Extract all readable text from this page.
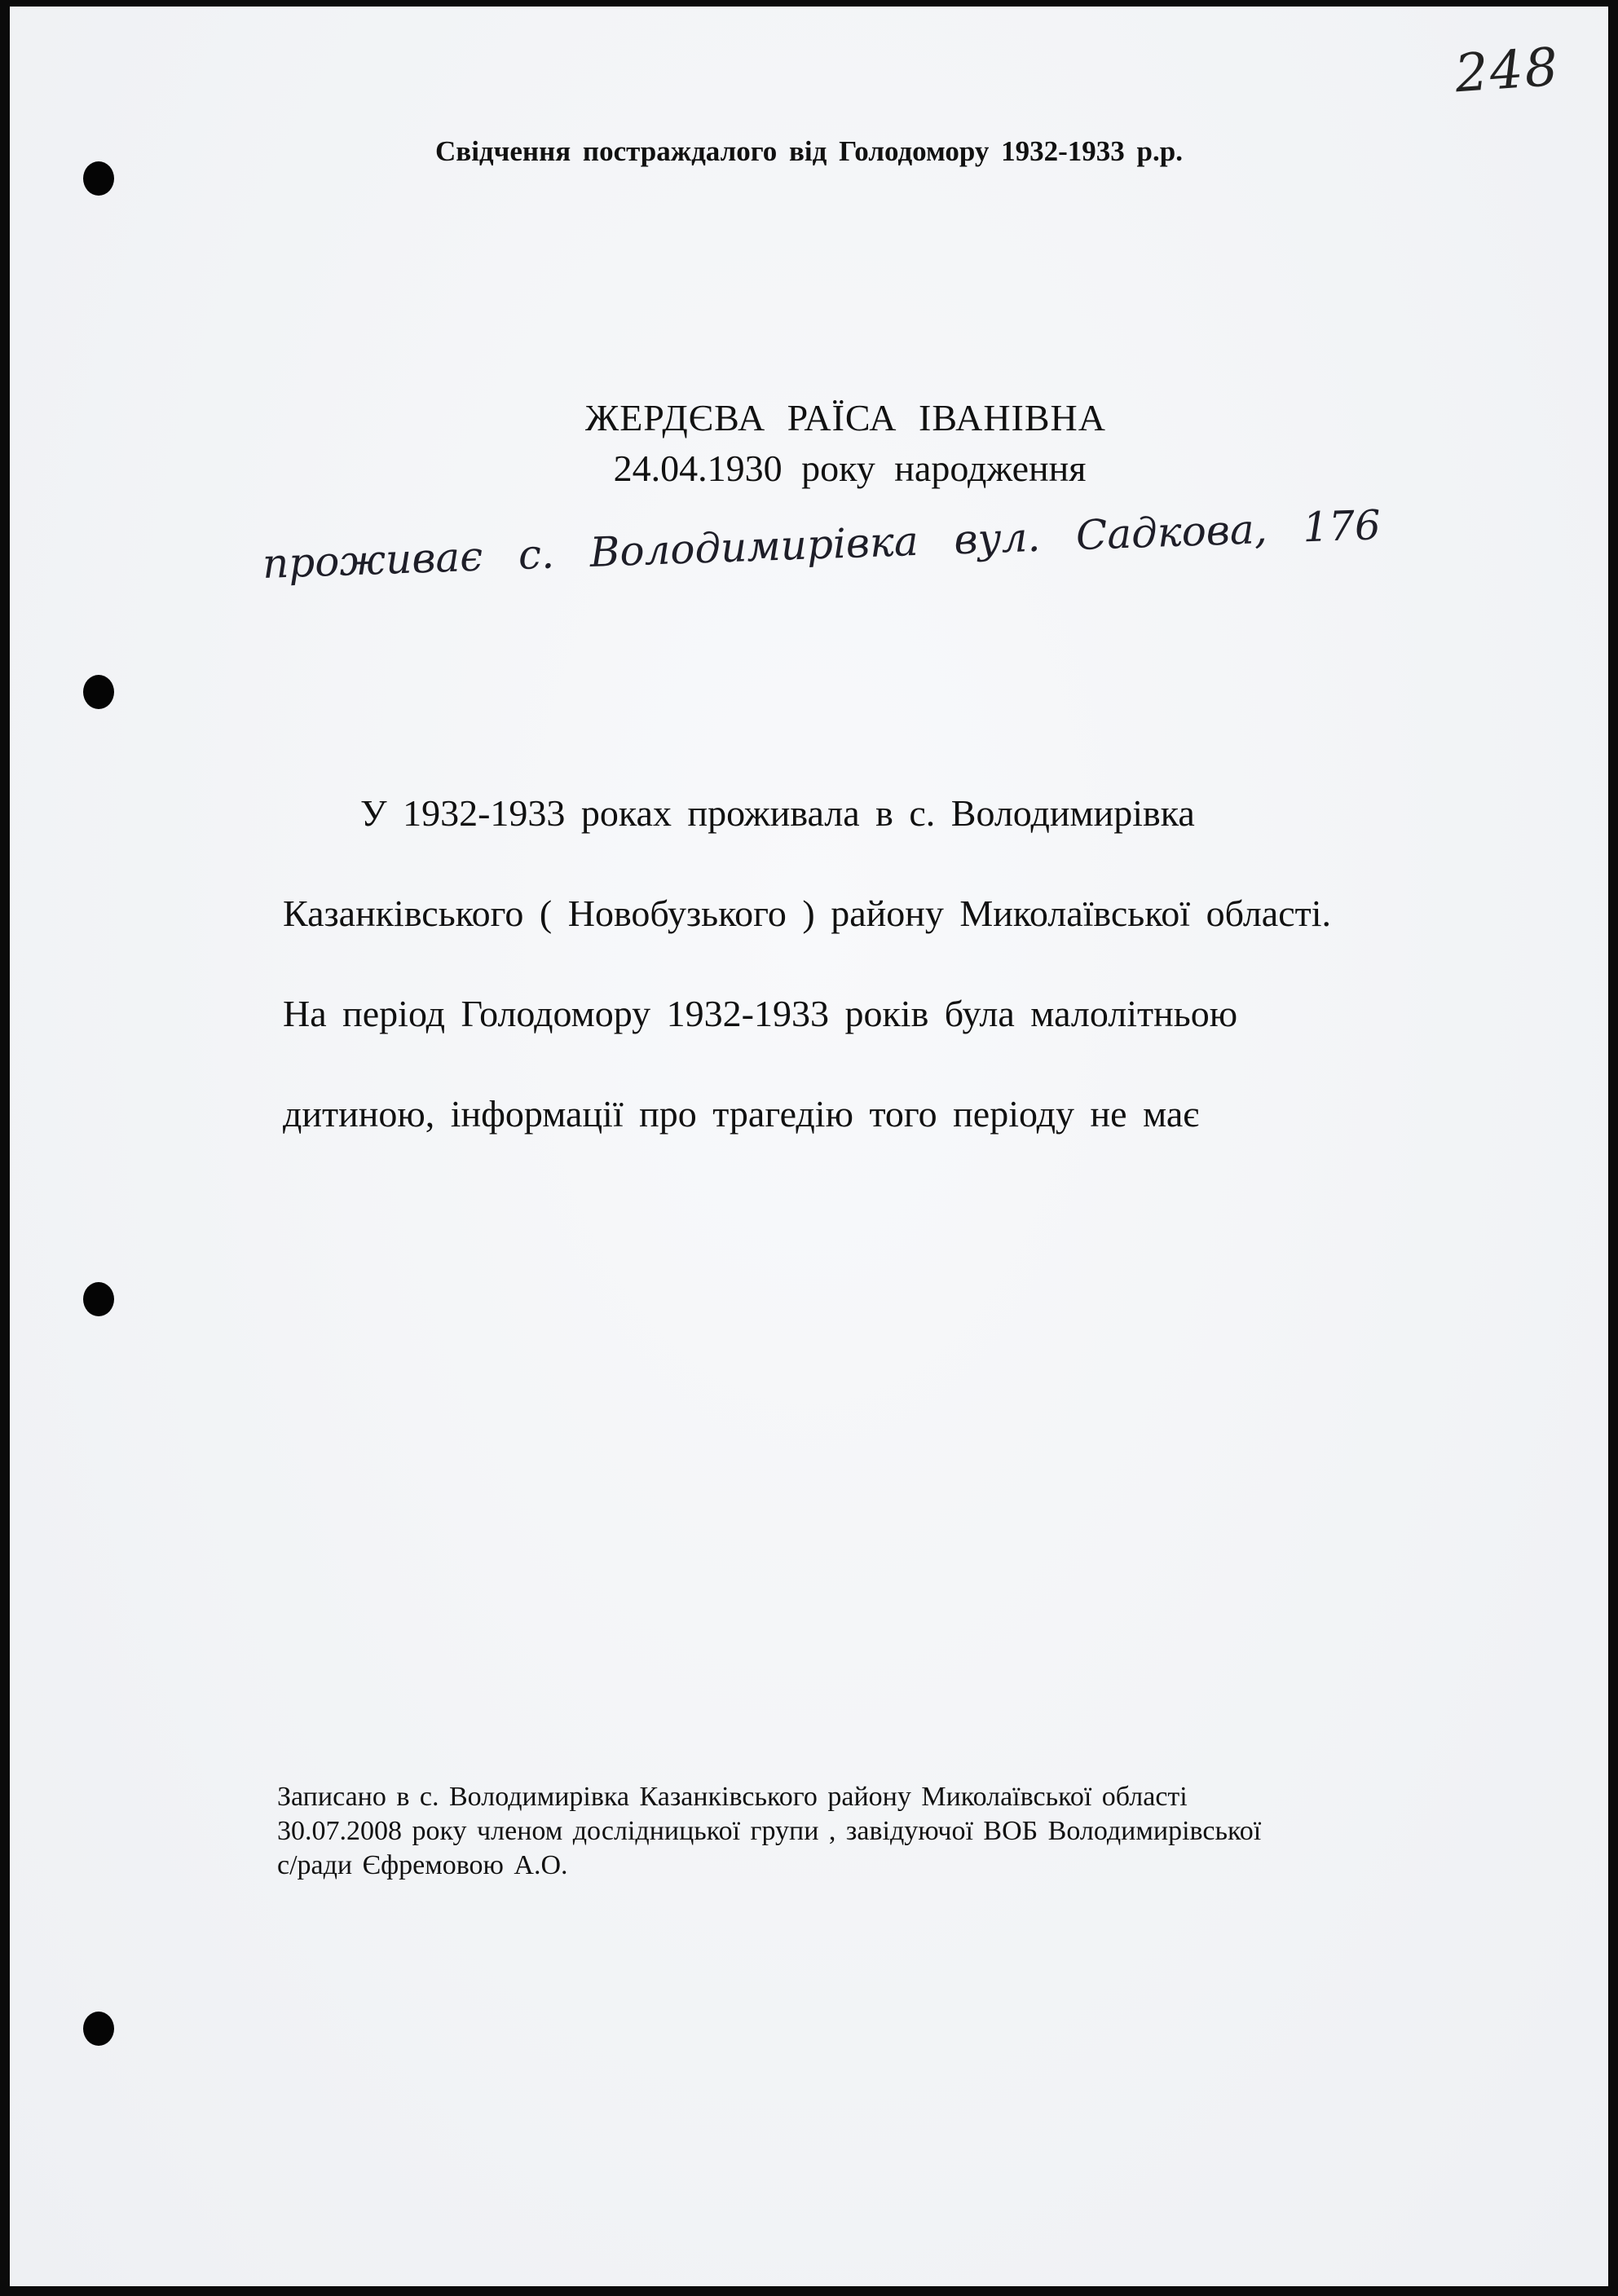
248
Свідчення постраждалого від Голодомору 1932-1933 р.р.
ЖЕРДЄВА РАЇСА ІВАНІВНА
24.04.1930 року народження
проживає с. Володимирівка вул. Садкова, 176
У 1932-1933 роках проживала в с. Володимирівка
Казанківського ( Новобузького ) району Миколаївської області.
На період Голодомору 1932-1933 років була малолітньою
дитиною, інформації про трагедію того періоду не має
Записано в с. Володимирівка Казанківського району Миколаївської області
30.07.2008 року членом дослідницької групи , завідуючої ВОБ Володимирівської
с/ради Єфремовою А.О.
